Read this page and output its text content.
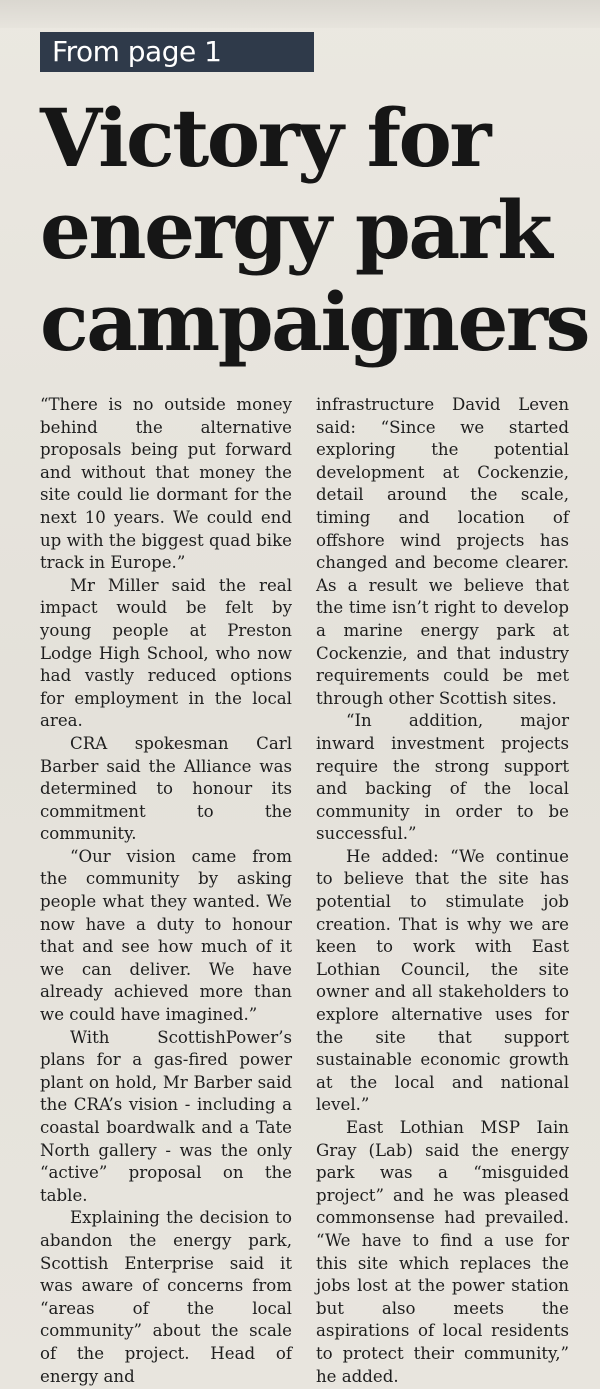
From page 1
Victory for
energy park
campaigners

“There is no outside money behind the alternative proposals being put forward and without that money the site could lie dormant for the next 10 years. We could end up with the biggest quad bike track in Europe.”

Mr Miller said the real impact would be felt by young people at Preston Lodge High School, who now had vastly reduced options for employment in the local area.

CRA spokesman Carl Barber said the Alliance was determined to honour its commitment to the community.

“Our vision came from the community by asking people what they wanted. We now have a duty to honour that and see how much of it we can deliver. We have already achieved more than we could have imagined.”

With ScottishPower’s plans for a gas-fired power plant on hold, Mr Barber said the CRA’s vision - including a coastal boardwalk and a Tate North gallery - was the only “active” proposal on the table.

Explaining the decision to abandon the energy park, Scottish Enterprise said it was aware of concerns from “areas of the local community” about the scale of the project. Head of energy and

infrastructure David Leven said: “Since we started exploring the potential development at Cockenzie, detail around the scale, timing and location of offshore wind projects has changed and become clearer. As a result we believe that the time isn’t right to develop a marine energy park at Cockenzie, and that industry requirements could be met through other Scottish sites.

“In addition, major inward investment projects require the strong support and backing of the local community in order to be successful.”

He added: “We continue to believe that the site has potential to stimulate job creation. That is why we are keen to work with East Lothian Council, the site owner and all stakeholders to explore alternative uses for the site that support sustainable economic growth at the local and national level.”

East Lothian MSP Iain Gray (Lab) said the energy park was a “misguided project” and he was pleased commonsense had prevailed. “We have to find a use for this site which replaces the jobs lost at the power station but also meets the aspirations of local residents to protect their community,” he added.
